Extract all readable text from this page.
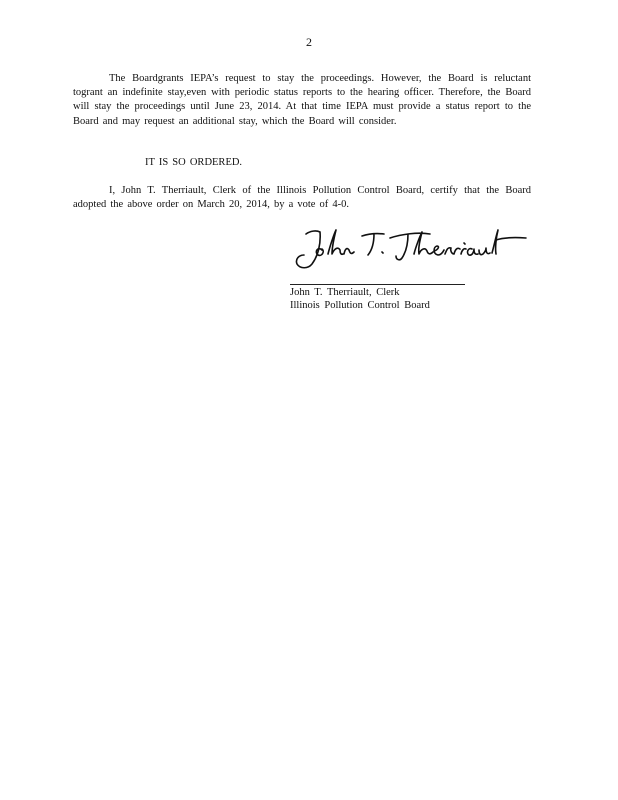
2

The Boardgrants IEPA’s request to stay the proceedings. However, the Board is reluctant togrant an indefinite stay,even with periodic status reports to the hearing officer. Therefore, the Board will stay the proceedings until June 23, 2014. At that time IEPA must provide a status report to the Board and may request an additional stay, which the Board will consider.

IT IS SO ORDERED.

I, John T. Therriault, Clerk of the Illinois Pollution Control Board, certify that the Board adopted the above order on March 20, 2014, by a vote of 4-0.

John T. Therriault, Clerk
Illinois Pollution Control Board
